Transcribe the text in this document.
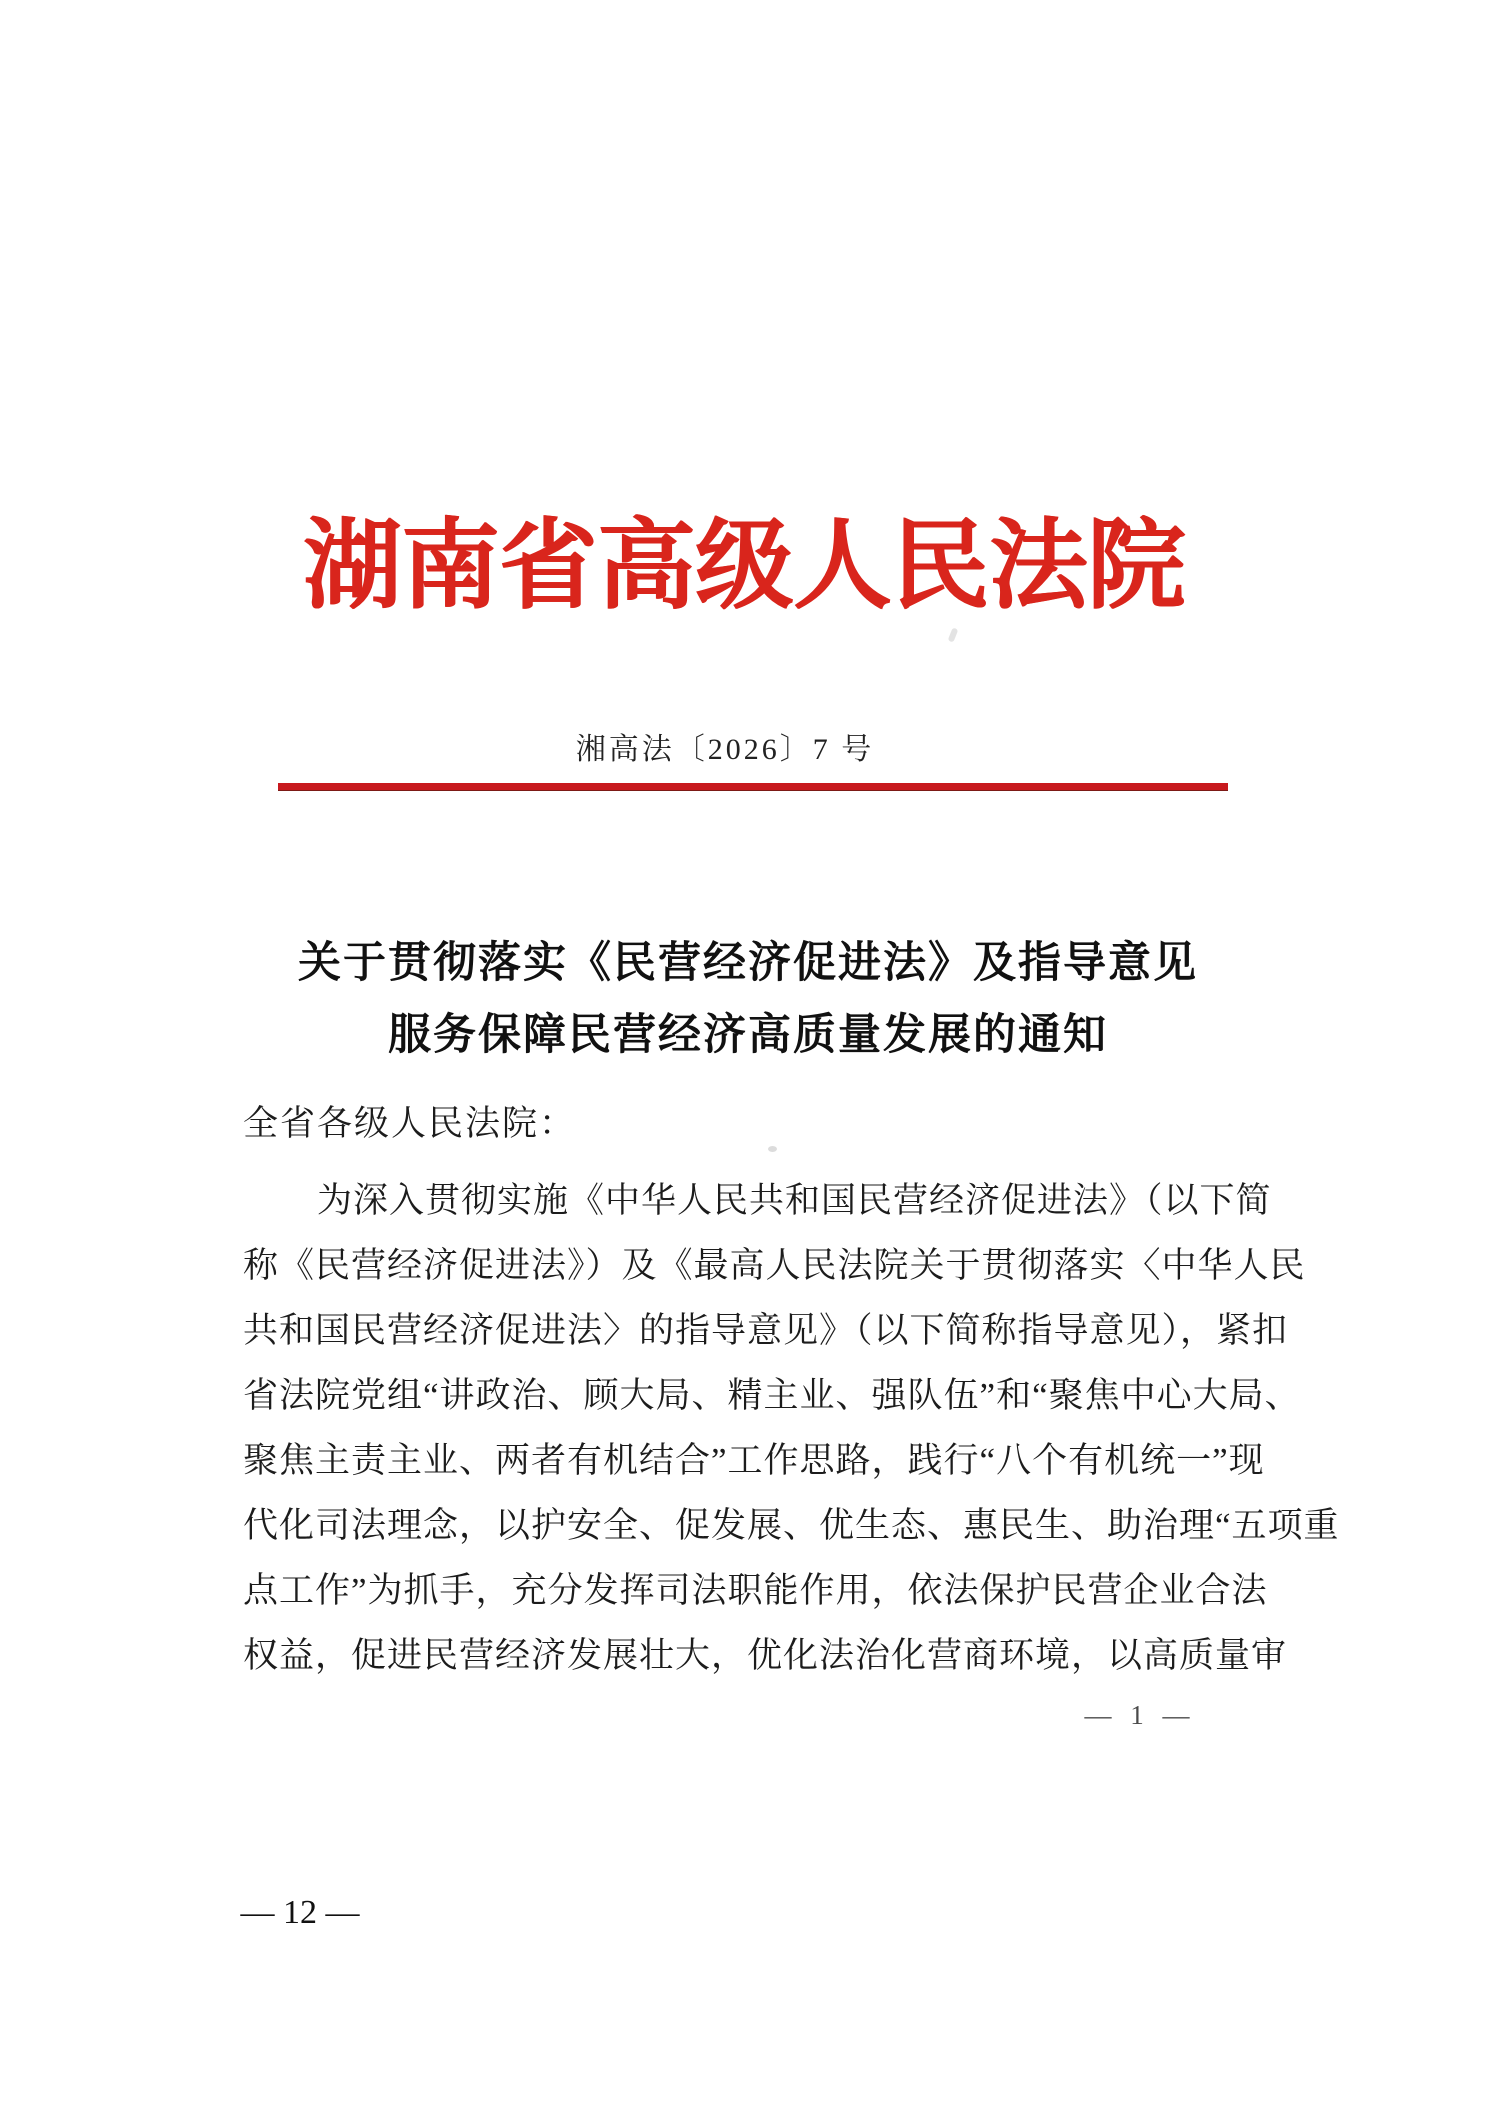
湖南省高级人民法院
湘高法〔2026〕7 号
关于贯彻落实《民营经济促进法》及指导意见
服务保障民营经济高质量发展的通知
全省各级人民法院：
为深入贯彻实施《中华人民共和国民营经济促进法》（以下简
称《民营经济促进法》）及《最高人民法院关于贯彻落实〈中华人民
共和国民营经济促进法〉的指导意见》（以下简称指导意见），紧扣
省法院党组“讲政治、顾大局、精主业、强队伍”和“聚焦中心大局、
聚焦主责主业、两者有机结合”工作思路，践行“八个有机统一”现
代化司法理念，以护安全、促发展、优生态、惠民生、助治理“五项重
点工作”为抓手，充分发挥司法职能作用，依法保护民营企业合法
权益，促进民营经济发展壮大，优化法治化营商环境，以高质量审
— 1 —
— 12 —
